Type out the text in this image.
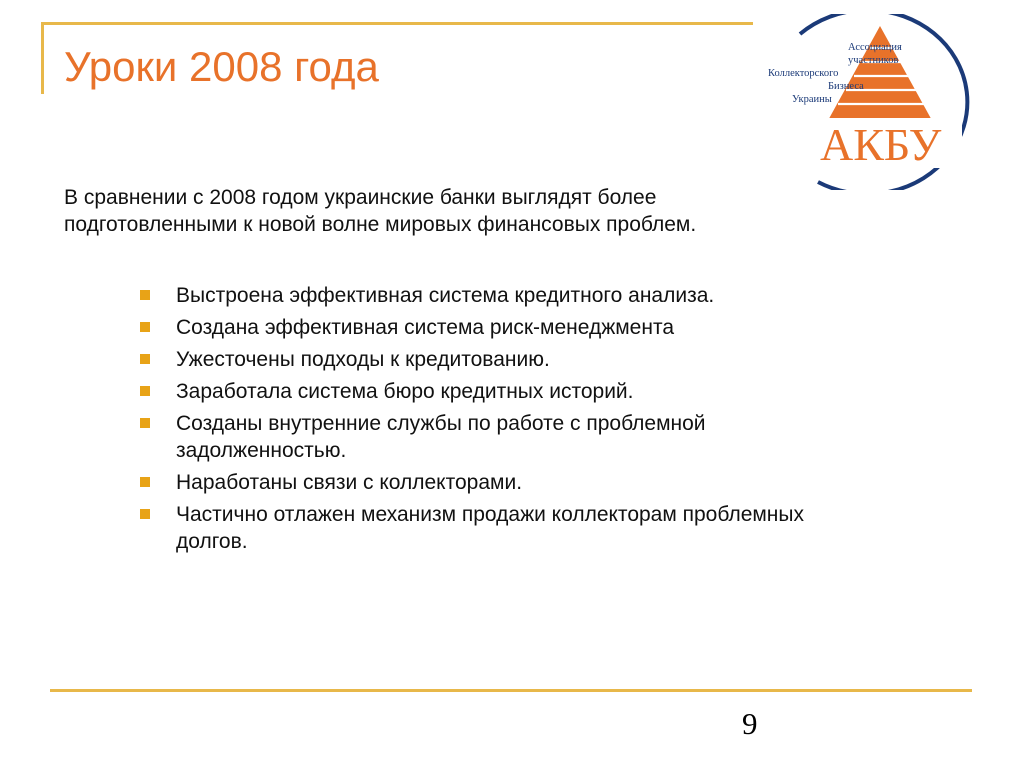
Уроки 2008 года	Ассоциация
участников
Коллекторского
Бизнеса
Украины
АКБУ
В сравнении с 2008 годом украинские банки выглядят более
подготовленными к новой волне мировых финансовых проблем.
Выстроена эффективная система кредитного анализа.
Создана эффективная система риск-менеджмента
Ужесточены подходы к кредитованию.
Заработала система бюро кредитных историй.
Созданы внутренние службы по работе с проблемной
задолженностью.
Наработаны связи с коллекторами.
Частично отлажен механизм продажи коллекторам проблемных
долгов.
9
